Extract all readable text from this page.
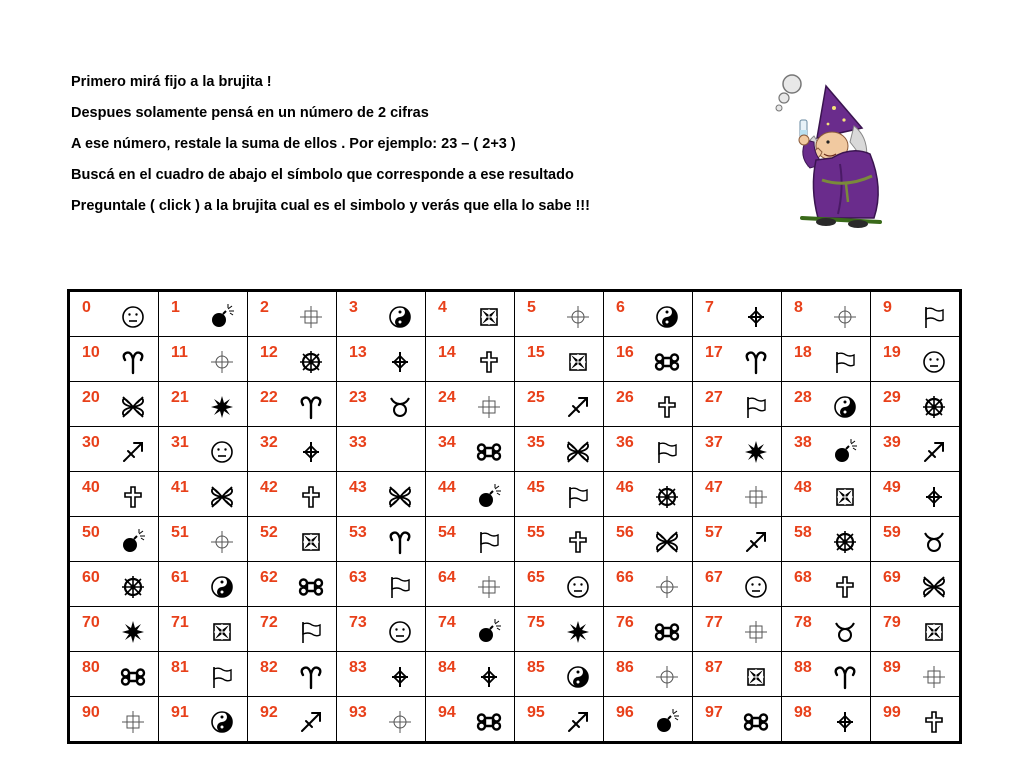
Primero mirá fijo a la brujita !

Despues solamente pensá en un número de 2 cifras

A ese número, restale la suma de ellos . Por ejemplo: 23 – ( 2+3 )

Buscá en el cuadro de abajo el símbolo que corresponde a ese resultado

Preguntale ( click ) a la brujita cual es el simbolo y verás que ella lo sabe !!!

0	1	2	3	4	5	6	7	8	9

10	11	12	13	14	15	16	17	18	19

20	21	22	23	24	25	26	27	28	29

30	31	32	33	34	35	36	37	38	39

40	41	42	43	44	45	46	47	48	49

50	51	52	53	54	55	56	57	58	59

60	61	62	63	64	65	66	67	68	69

70	71	72	73	74	75	76	77	78	79

80	81	82	83	84	85	86	87	88	89

90	91	92	93	94	95	96	97	98	99
